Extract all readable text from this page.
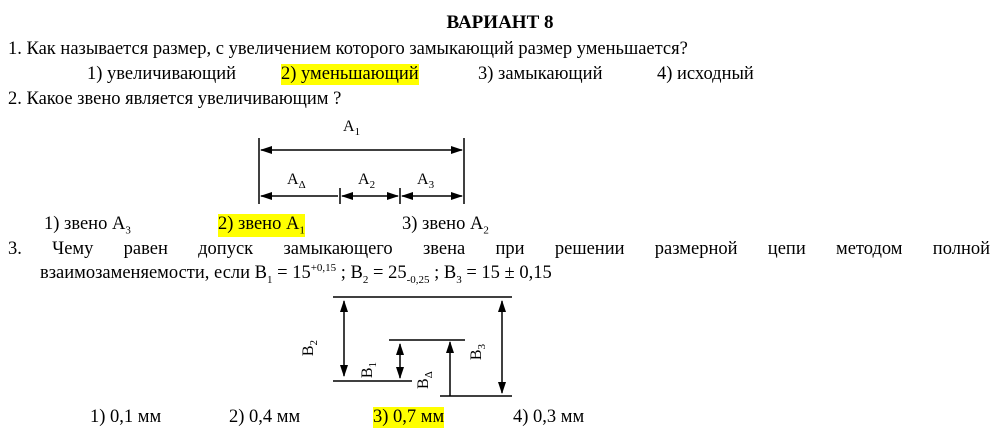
ВАРИАНТ 8
1. Как называется размер, с увеличением которого замыкающий размер уменьшается?
1) увеличивающий 2) уменьшающий	3) замыкающий	4) исходный
2. Какое звено является увеличивающим ?
$A_1$
$A_\Delta$	$A_2$	$A_3$
1) звено $А_3$	2) звено $А_1$	3) звено $А_2$
3. Чему равен допуск замыкающего звена при решении размерной цепи методом полной
взаимозаменяемости, если $В_1 = 15^{+0,15}$ ; $В_2 = 25_{-0,25}$ ; $В_3 = 15 \pm 0,15$
$B_2$
$B_1$
$B_\Delta$
$B_3$
1) 0,1 мм	2) 0,4 мм	3) 0,7 мм	4) 0,3 мм
